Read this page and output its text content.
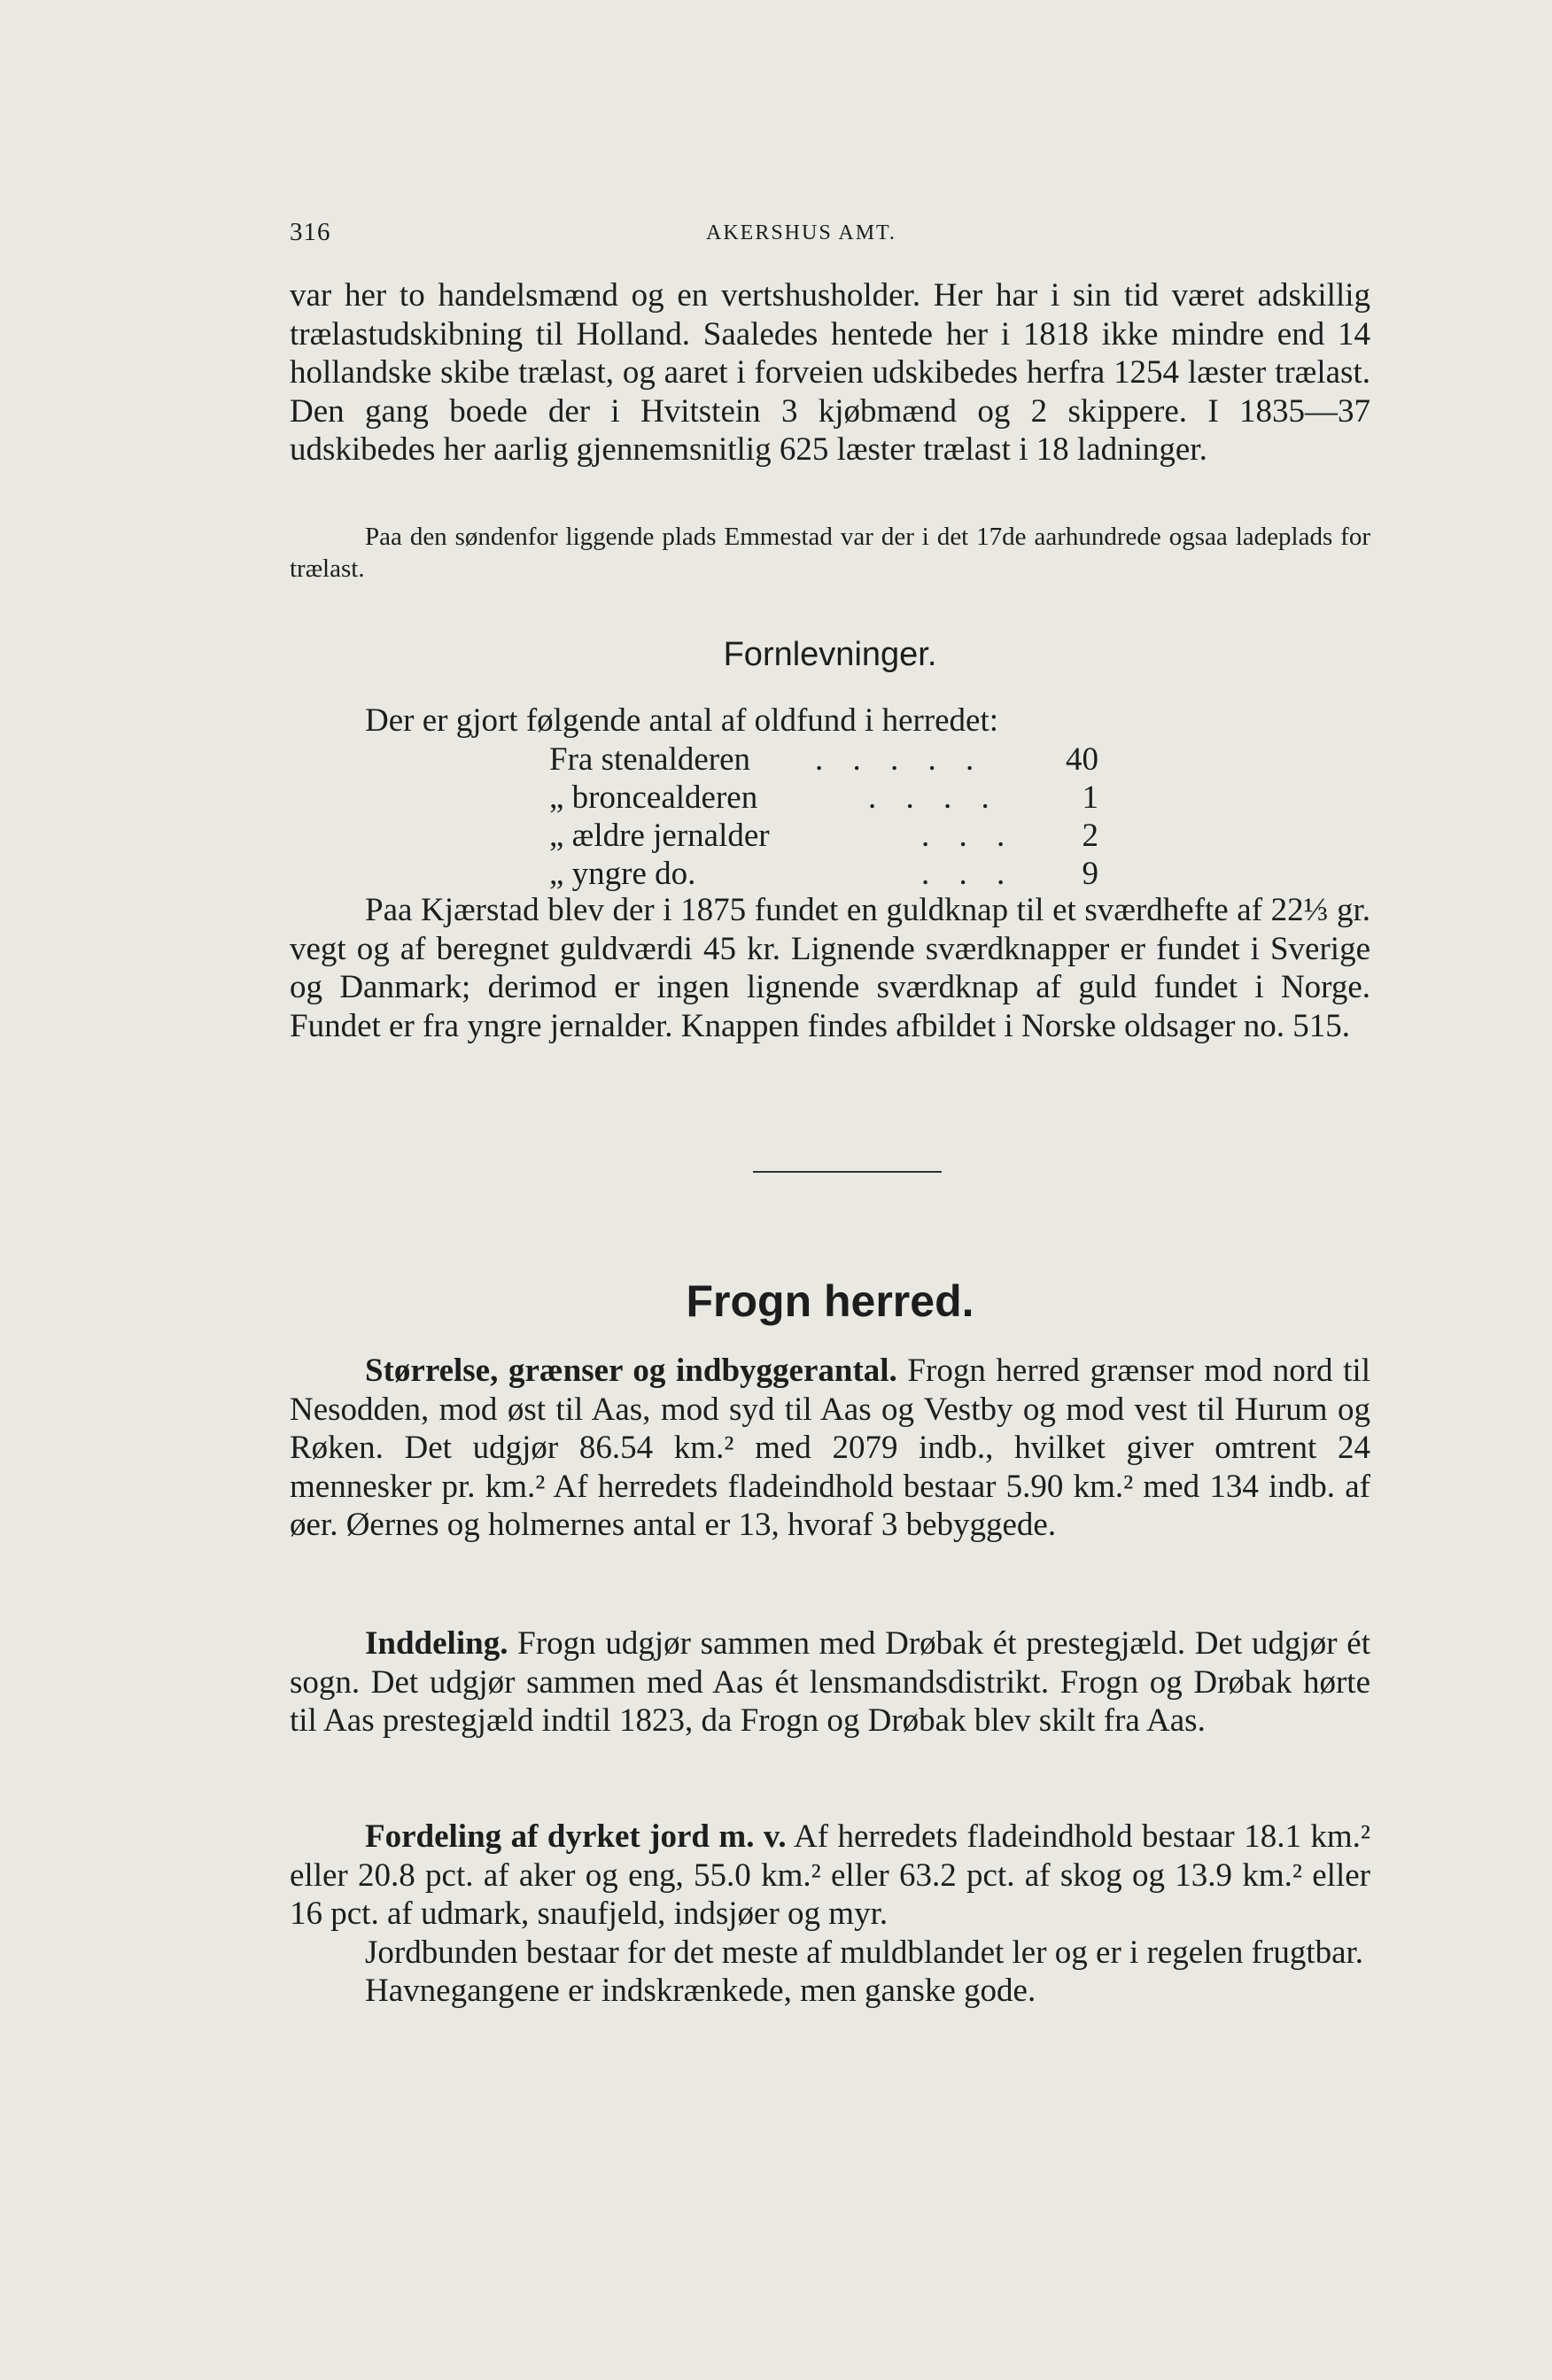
316	AKERSHUS AMT.

var her to handelsmænd og en vertshusholder. Her har i sin tid været adskillig trælastudskibning til Holland. Saaledes hentede her i 1818 ikke mindre end 14 hollandske skibe trælast, og aaret i forveien udskibedes herfra 1254 læster trælast. Den gang boede der i Hvitstein 3 kjøbmænd og 2 skippere. I 1835—37 udskibedes her aarlig gjennemsnitlig 625 læster trælast i 18 ladninger.

Paa den søndenfor liggende plads Emmestad var der i det 17de aarhundrede ogsaa ladeplads for trælast.

Fornlevninger.

Der er gjort følgende antal af oldfund i herredet:

Fra stenalderen . . . . .	40
„ broncealderen	. . . .	1
„ ældre jernalder	. . .	2
„ yngre do.	. . .	9

Paa Kjærstad blev der i 1875 fundet en guldknap til et sværdhefte af 22⅓ gr. vegt og af beregnet guldværdi 45 kr. Lignende sværdknapper er fundet i Sverige og Danmark; derimod er ingen lignende sværdknap af guld fundet i Norge. Fundet er fra yngre jernalder. Knappen findes afbildet i Norske oldsager no. 515.

Frogn herred.

Størrelse, grænser og indbyggerantal. Frogn herred grænser mod nord til Nesodden, mod øst til Aas, mod syd til Aas og Vestby og mod vest til Hurum og Røken. Det udgjør 86.54 km.² med 2079 indb., hvilket giver omtrent 24 mennesker pr. km.² Af herredets fladeindhold bestaar 5.90 km.² med 134 indb. af øer. Øernes og holmernes antal er 13, hvoraf 3 bebyggede.

Inddeling. Frogn udgjør sammen med Drøbak ét prestegjæld. Det udgjør ét sogn. Det udgjør sammen med Aas ét lensmandsdistrikt. Frogn og Drøbak hørte til Aas prestegjæld indtil 1823, da Frogn og Drøbak blev skilt fra Aas.

Fordeling af dyrket jord m. v. Af herredets fladeindhold bestaar 18.1 km.² eller 20.8 pct. af aker og eng, 55.0 km.² eller 63.2 pct. af skog og 13.9 km.² eller 16 pct. af udmark, snaufjeld, indsjøer og myr.

Jordbunden bestaar for det meste af muldblandet ler og er i regelen frugtbar.

Havnegangene er indskrænkede, men ganske gode.
